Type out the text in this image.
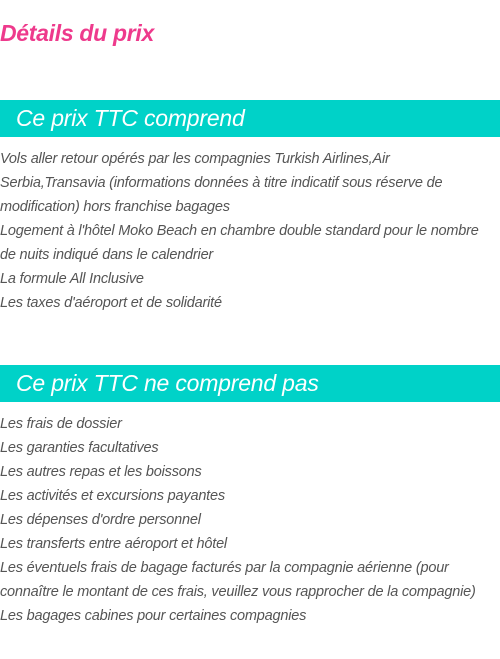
Détails du prix
Ce prix TTC comprend
Vols aller retour opérés par les compagnies Turkish Airlines,Air Serbia,Transavia (informations données à titre indicatif sous réserve de modification) hors franchise bagages
Logement à l'hôtel Moko Beach en chambre double standard pour le nombre de nuits indiqué dans le calendrier
La formule All Inclusive
Les taxes d'aéroport et de solidarité
Ce prix TTC ne comprend pas
Les frais de dossier
Les garanties facultatives
Les autres repas et les boissons
Les activités et excursions payantes
Les dépenses d'ordre personnel
Les transferts entre aéroport et hôtel
Les éventuels frais de bagage facturés par la compagnie aérienne (pour connaître le montant de ces frais, veuillez vous rapprocher de la compagnie)
Les bagages cabines pour certaines compagnies
